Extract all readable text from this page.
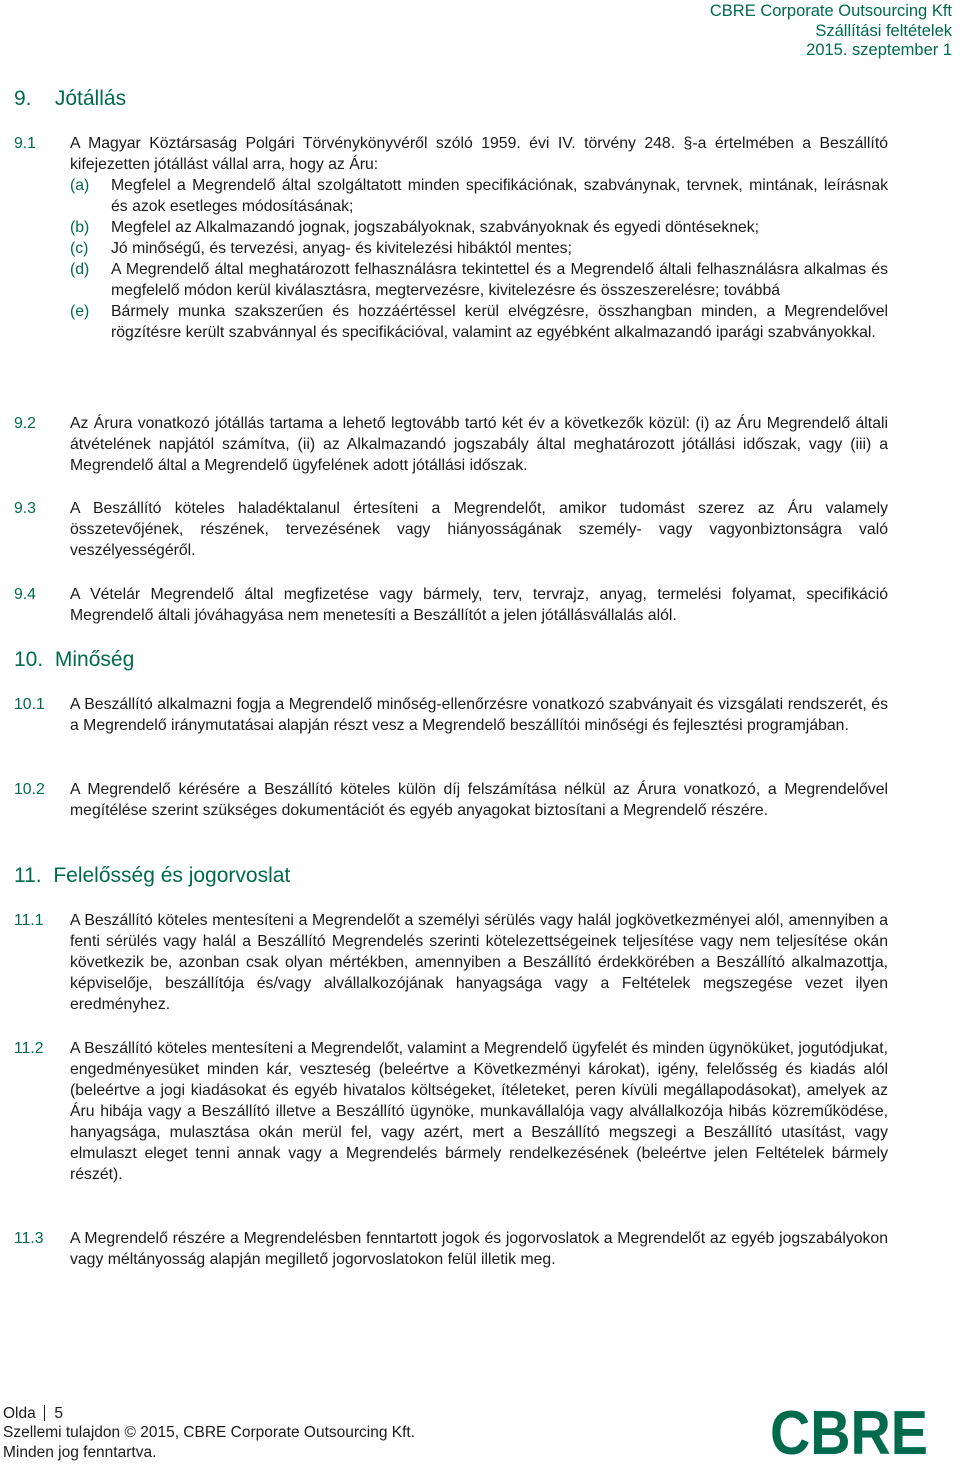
CBRE Corporate Outsourcing Kft
Szállítási feltételek
2015. szeptember 1
9. Jótállás
9.1 A Magyar Köztársaság Polgári Törvénykönyvéről szóló 1959. évi IV. törvény 248. §-a értelmében a Beszállító kifejezetten jótállást vállal arra, hogy az Áru:
(a) Megfelel a Megrendelő által szolgáltatott minden specifikációnak, szabványnak, tervnek, mintának, leírásnak és azok esetleges módosításának;
(b) Megfelel az Alkalmazandó jognak, jogszabályoknak, szabványoknak és egyedi döntéseknek;
(c) Jó minőségű, és tervezési, anyag- és kivitelezési hibáktól mentes;
(d) A Megrendelő által meghatározott felhasználásra tekintettel és a Megrendelő általi felhasználásra alkalmas és megfelelő módon kerül kiválasztásra, megtervezésre, kivitelezésre és összeszerelésre; továbbá
(e) Bármely munka szakszerűen és hozzáértéssel kerül elvégzésre, összhangban minden, a Megrendelővel rögzítésre került szabvánnyal és specifikációval, valamint az egyébként alkalmazandó iparági szabványokkal.
9.2 Az Árura vonatkozó jótállás tartama a lehető legtovább tartó két év a következők közül: (i) az Áru Megrendelő általi átvételének napjától számítva, (ii) az Alkalmazandó jogszabály által meghatározott jótállási időszak, vagy (iii) a Megrendelő által a Megrendelő ügyfelének adott jótállási időszak.
9.3 A Beszállító köteles haladéktalanul értesíteni a Megrendelőt, amikor tudomást szerez az Áru valamely összetevőjének, részének, tervezésének vagy hiányosságának személy- vagy vagyonbiztonságra való veszélyességéről.
9.4 A Vételár Megrendelő által megfizetése vagy bármely, terv, tervrajz, anyag, termelési folyamat, specifikáció Megrendelő általi jóváhagyása nem menetesíti a Beszállítót a jelen jótállásvállalás alól.
10. Minőség
10.1 A Beszállító alkalmazni fogja a Megrendelő minőség-ellenőrzésre vonatkozó szabványait és vizsgálati rendszerét, és a Megrendelő iránymutatásai alapján részt vesz a Megrendelő beszállítói minőségi és fejlesztési programjában.
10.2 A Megrendelő kérésére a Beszállító köteles külön díj felszámítása nélkül az Árura vonatkozó, a Megrendelővel megítélése szerint szükséges dokumentációt és egyéb anyagokat biztosítani a Megrendelő részére.
11. Felelősség és jogorvoslat
11.1 A Beszállító köteles mentesíteni a Megrendelőt a személyi sérülés vagy halál jogkövetkezményei alól, amennyiben a fenti sérülés vagy halál a Beszállító Megrendelés szerinti kötelezettségeinek teljesítése vagy nem teljesítése okán következik be, azonban csak olyan mértékben, amennyiben a Beszállító érdekkörében a Beszállító alkalmazottja, képviselője, beszállítója és/vagy alvállalkozójának hanyagsága vagy a Feltételek megszegése vezet ilyen eredményhez.
11.2 A Beszállító köteles mentesíteni a Megrendelőt, valamint a Megrendelő ügyfelét és minden ügynöküket, jogutódjukat, engedményesüket minden kár, veszteség (beleértve a Következményi károkat), igény, felelősség és kiadás alól (beleértve a jogi kiadásokat és egyéb hivatalos költségeket, ítéleteket, peren kívüli megállapodásokat), amelyek az Áru hibája vagy a Beszállító illetve a Beszállító ügynöke, munkavállalója vagy alvállalkozója hibás közreműködése, hanyagsága, mulasztása okán merül fel, vagy azért, mert a Beszállító megszegi a Beszállító utasítást, vagy elmulaszt eleget tenni annak vagy a Megrendelés bármely rendelkezésének (beleértve jelen Feltételek bármely részét).
11.3 A Megrendelő részére a Megrendelésben fenntartott jogok és jogorvoslatok a Megrendelőt az egyéb jogszabályokon vagy méltányosság alapján megillető jogorvoslatokon felül illetik meg.
Olda 5
Szellemi tulajdon © 2015, CBRE Corporate Outsourcing Kft.
Minden jog fenntartva.	CBRE
